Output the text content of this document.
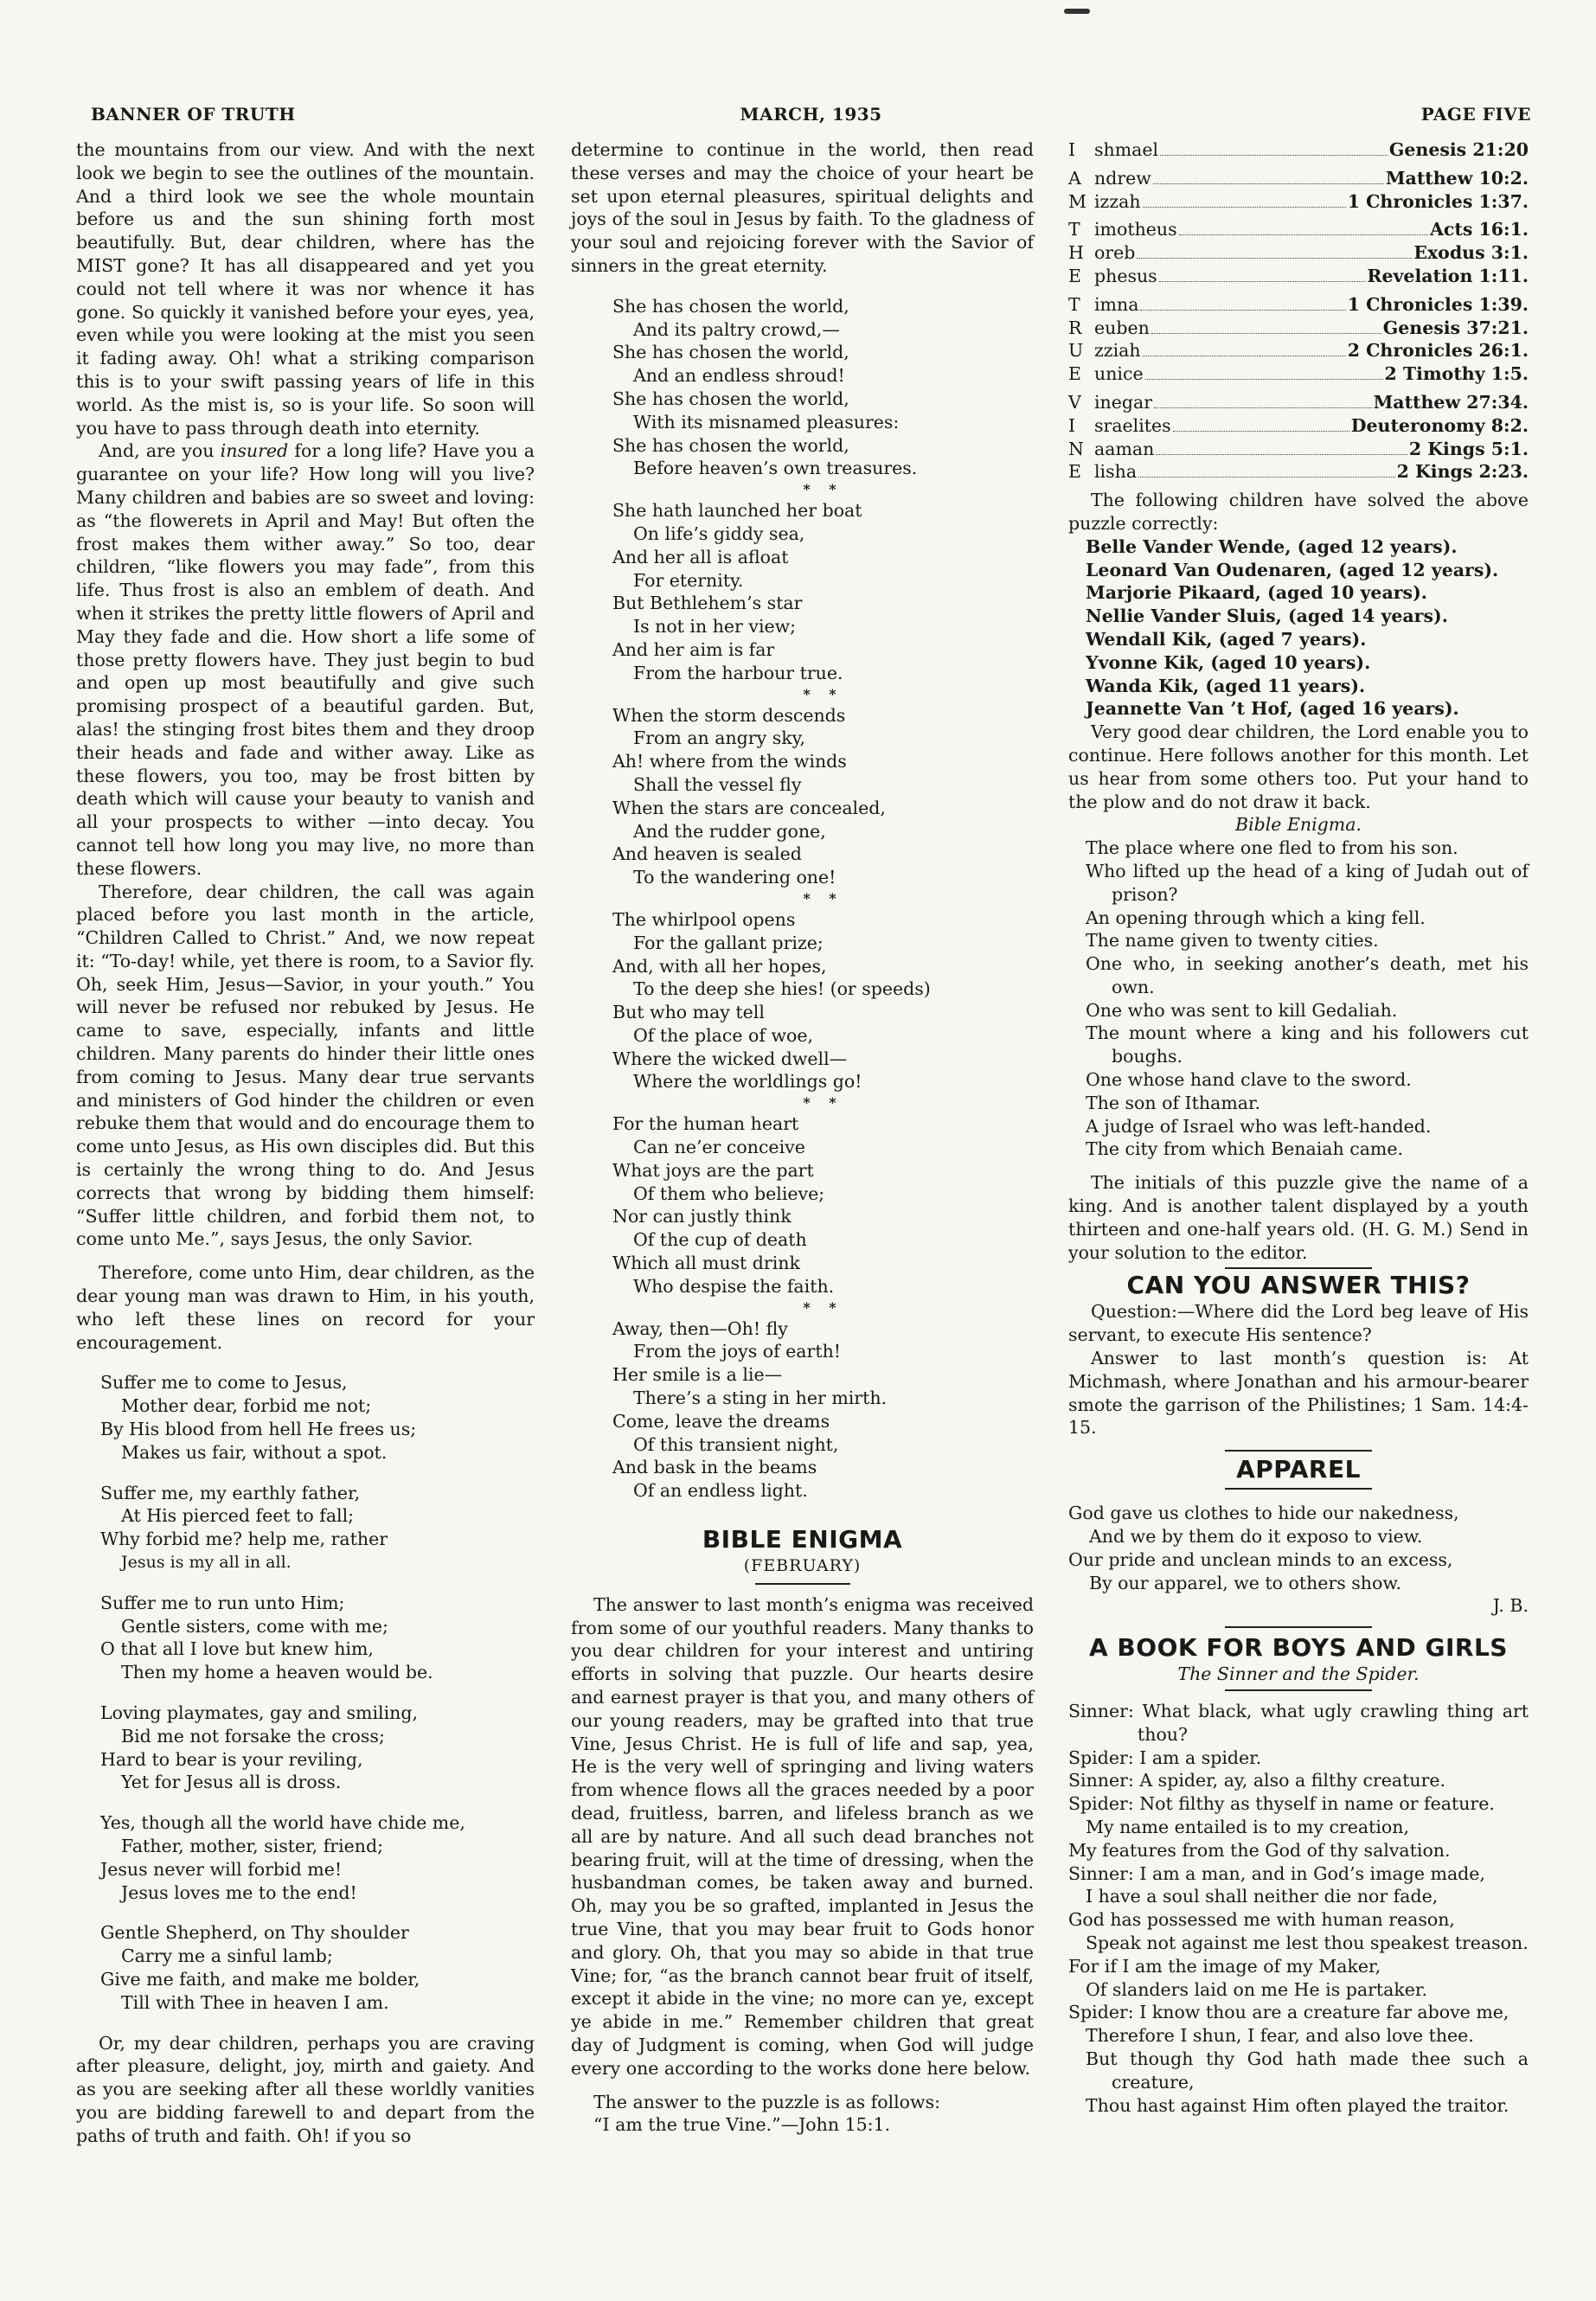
BANNER OF TRUTH	MARCH, 1935	PAGE FIVE

the mountains from our view. And with the next look we begin to see the outlines of the mountain. And a third look we see the whole mountain before us and the sun shining forth most beautifully. But, dear children, where has the MIST gone? It has all disappeared and yet you could not tell where it was nor whence it has gone. So quickly it vanished before your eyes, yea, even while you were looking at the mist you seen it fading away. Oh! what a striking comparison this is to your swift passing years of life in this world. As the mist is, so is your life. So soon will you have to pass through death into eternity.

And, are you insured for a long life? Have you a guarantee on your life? How long will you live? Many children and babies are so sweet and loving: as “the flowerets in April and May! But often the frost makes them wither away.” So too, dear children, “like flowers you may fade”, from this life. Thus frost is also an emblem of death. And when it strikes the pretty little flowers of April and May they fade and die. How short a life some of those pretty flowers have. They just begin to bud and open up most beautifully and give such promising prospect of a beautiful garden. But, alas! the stinging frost bites them and they droop their heads and fade and wither away. Like as these flowers, you too, may be frost bitten by death which will cause your beauty to vanish and all your prospects to wither —into decay. You cannot tell how long you may live, no more than these flowers.

Therefore, dear children, the call was again placed before you last month in the article, “Children Called to Christ.” And, we now repeat it: “To-day! while, yet there is room, to a Savior fly. Oh, seek Him, Jesus—Savior, in your youth.” You will never be refused nor rebuked by Jesus. He came to save, especially, infants and little children. Many parents do hinder their little ones from coming to Jesus. Many dear true servants and ministers of God hinder the children or even rebuke them that would and do encourage them to come unto Jesus, as His own disciples did. But this is certainly the wrong thing to do. And Jesus corrects that wrong by bidding them himself: “Suffer little children, and forbid them not, to come unto Me.”, says Jesus, the only Savior.

Therefore, come unto Him, dear children, as the dear young man was drawn to Him, in his youth, who left these lines on record for your encouragement.

Suffer me to come to Jesus,
Mother dear, forbid me not;
By His blood from hell He frees us;
Makes us fair, without a spot.
Suffer me, my earthly father,
At His pierced feet to fall;
Why forbid me? help me, rather
Jesus is my all in all.
Suffer me to run unto Him;
Gentle sisters, come with me;
O that all I love but knew him,
Then my home a heaven would be.
Loving playmates, gay and smiling,
Bid me not forsake the cross;
Hard to bear is your reviling,
Yet for Jesus all is dross.
Yes, though all the world have chide me,
Father, mother, sister, friend;
Jesus never will forbid me!
Jesus loves me to the end!
Gentle Shepherd, on Thy shoulder
Carry me a sinful lamb;
Give me faith, and make me bolder,
Till with Thee in heaven I am.

Or, my dear children, perhaps you are craving after pleasure, delight, joy, mirth and gaiety. And as you are seeking after all these worldly vanities you are bidding farewell to and depart from the paths of truth and faith. Oh! if you so

determine to continue in the world, then read these verses and may the choice of your heart be set upon eternal pleasures, spiritual delights and joys of the soul in Jesus by faith. To the gladness of your soul and rejoicing forever with the Savior of sinners in the great eternity.

She has chosen the world,
And its paltry crowd,—
She has chosen the world,
And an endless shroud!
She has chosen the world,
With its misnamed pleasures:
She has chosen the world,
Before heaven’s own treasures.
* *
She hath launched her boat
On life’s giddy sea,
And her all is afloat
For eternity.
But Bethlehem’s star
Is not in her view;
And her aim is far
From the harbour true.
* *
When the storm descends
From an angry sky,
Ah! where from the winds
Shall the vessel fly
When the stars are concealed,
And the rudder gone,
And heaven is sealed
To the wandering one!
* *
The whirlpool opens
For the gallant prize;
And, with all her hopes,
To the deep she hies! (or speeds)
But who may tell
Of the place of woe,
Where the wicked dwell—
Where the worldlings go!
* *
For the human heart
Can ne’er conceive
What joys are the part
Of them who believe;
Nor can justly think
Of the cup of death
Which all must drink
Who despise the faith.
* *
Away, then—Oh! fly
From the joys of earth!
Her smile is a lie—
There’s a sting in her mirth.
Come, leave the dreams
Of this transient night,
And bask in the beams
Of an endless light.
BIBLE ENIGMA
(FEBRUARY)

The answer to last month’s enigma was received from some of our youthful readers. Many thanks to you dear children for your interest and untiring efforts in solving that puzzle. Our hearts desire and earnest prayer is that you, and many others of our young readers, may be grafted into that true Vine, Jesus Christ. He is full of life and sap, yea, He is the very well of springing and living waters from whence flows all the graces needed by a poor dead, fruitless, barren, and lifeless branch as we all are by nature. And all such dead branches not bearing fruit, will at the time of dressing, when the husbandman comes, be taken away and burned. Oh, may you be so grafted, implanted in Jesus the true Vine, that you may bear fruit to Gods honor and glory. Oh, that you may so abide in that true Vine; for, “as the branch cannot bear fruit of itself, except it abide in the vine; no more can ye, except ye abide in me.” Remember children that great day of Judgment is coming, when God will judge every one according to the works done here below.

The answer to the puzzle is as follows:

“I am the true Vine.”—John 15:1.

I	shmael	Genesis 21:20
A ndrew	Matthew 10:2.
M izzah	1 Chronicles 1:37.
T imotheus	Acts 16:1.
H oreb	Exodus 3:1.
E phesus	Revelation 1:11.
T imna	1 Chronicles 1:39.
R euben	Genesis 37:21.
U zziah	2 Chronicles 26:1.
E unice	2 Timothy 1:5.
V inegar	Matthew 27:34.
I	sraelites	Deuteronomy 8:2.
N aaman	2 Kings 5:1.
E lisha	2 Kings 2:23.

The following children have solved the above puzzle correctly:

Belle Vander Wende, (aged 12 years).
Leonard Van Oudenaren, (aged 12 years).
Marjorie Pikaard, (aged 10 years).
Nellie Vander Sluis, (aged 14 years).
Wendall Kik, (aged 7 years).
Yvonne Kik, (aged 10 years).
Wanda Kik, (aged 11 years).
Jeannette Van ’t Hof, (aged 16 years).

Very good dear children, the Lord enable you to continue. Here follows another for this month. Let us hear from some others too. Put your hand to the plow and do not draw it back.

Bible Enigma.

The place where one fled to from his son.

Who lifted up the head of a king of Judah out of prison?

An opening through which a king fell.

The name given to twenty cities.

One who, in seeking another’s death, met his own.

One who was sent to kill Gedaliah.

The mount where a king and his followers cut boughs.

One whose hand clave to the sword.

The son of Ithamar.

A judge of Israel who was left-handed.

The city from which Benaiah came.

The initials of this puzzle give the name of a king. And is another talent displayed by a youth thirteen and one-half years old. (H. G. M.) Send in your solution to the editor.

CAN YOU ANSWER THIS?

Question:—Where did the Lord beg leave of His servant, to execute His sentence?

Answer to last month’s question is: At Michmash, where Jonathan and his armour-bearer smote the garrison of the Philistines; 1 Sam. 14:4-15.

APPAREL
God gave us clothes to hide our nakedness,
And we by them do it exposo to view.
Our pride and unclean minds to an excess,
By our apparel, we to others show.
J. B.
A BOOK FOR BOYS AND GIRLS
The Sinner and the Spider.

Sinner: What black, what ugly crawling thing art thou?

Spider: I am a spider.

Sinner: A spider, ay, also a filthy creature.

Spider: Not filthy as thyself in name or feature.

My name entailed is to my creation,

My features from the God of thy salvation.

Sinner: I am a man, and in God’s image made,

I have a soul shall neither die nor fade,

God has possessed me with human reason,

Speak not against me lest thou speakest treason.

For if I am the image of my Maker,

Of slanders laid on me He is partaker.

Spider: I know thou are a creature far above me,

Therefore I shun, I fear, and also love thee.

But though thy God hath made thee such a creature,

Thou hast against Him often played the traitor.
